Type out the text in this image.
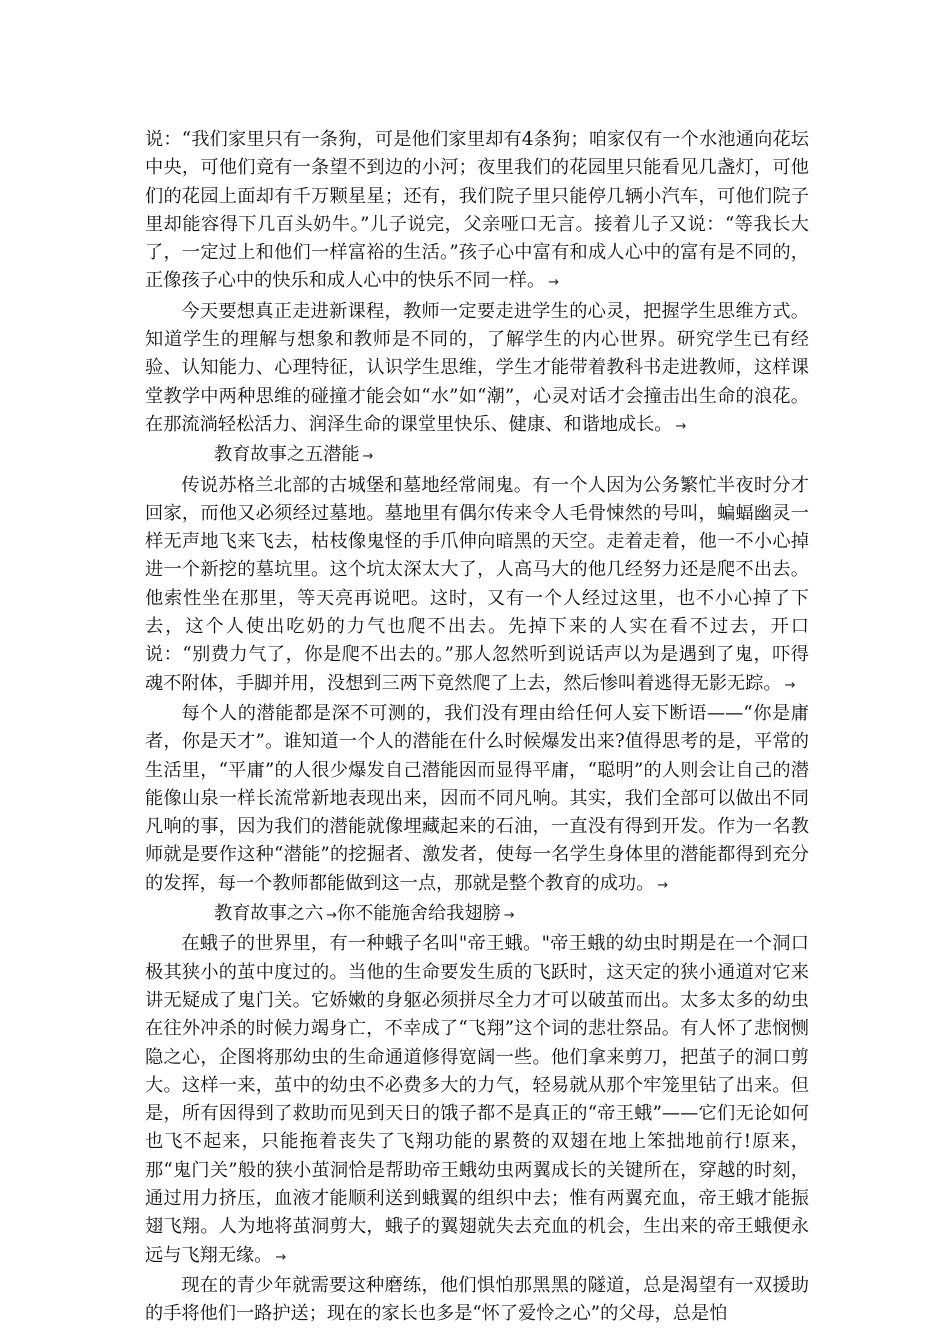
说：“我们家里只有一条狗，可是他们家里却有4条狗；咱家仅有一个水池通向花坛中央，可他们竟有一条望不到边的小河；夜里我们的花园里只能看见几盏灯，可他们的花园上面却有千万颗星星；还有，我们院子里只能停几辆小汽车，可他们院子里却能容得下几百头奶牛。”儿子说完，父亲哑口无言。接着儿子又说：“等我长大了，一定过上和他们一样富裕的生活。”孩子心中富有和成人心中的富有是不同的，正像孩子心中的快乐和成人心中的快乐不同一样。 →

今天要想真正走进新课程，教师一定要走进学生的心灵，把握学生思维方式。知道学生的理解与想象和教师是不同的，了解学生的内心世界。研究学生已有经验、认知能力、心理特征，认识学生思维，学生才能带着教科书走进教师，这样课堂教学中两种思维的碰撞才能会如“水”如“潮”，心灵对话才会撞击出生命的浪花。在那流淌轻松活力、润泽生命的课堂里快乐、健康、和谐地成长。 →

教育故事之五潜能 →

传说苏格兰北部的古城堡和墓地经常闹鬼。有一个人因为公务繁忙半夜时分才回家，而他又必须经过墓地。墓地里有偶尔传来令人毛骨悚然的号叫，蝙蝠幽灵一样无声地飞来飞去，枯枝像鬼怪的手爪伸向暗黑的天空。走着走着，他一不小心掉进一个新挖的墓坑里。这个坑太深太大了，人高马大的他几经努力还是爬不出去。他索性坐在那里，等天亮再说吧。这时，又有一个人经过这里，也不小心掉了下去，这个人使出吃奶的力气也爬不出去。先掉下来的人实在看不过去，开口说：“别费力气了，你是爬不出去的。”那人忽然听到说话声以为是遇到了鬼，吓得魂不附体，手脚并用，没想到三两下竟然爬了上去，然后惨叫着逃得无影无踪。 →

每个人的潜能都是深不可测的，我们没有理由给任何人妄下断语——“你是庸者，你是天才”。谁知道一个人的潜能在什么时候爆发出来?值得思考的是，平常的生活里，“平庸”的人很少爆发自己潜能因而显得平庸，“聪明”的人则会让自己的潜能像山泉一样长流常新地表现出来，因而不同凡响。其实，我们全部可以做出不同凡响的事，因为我们的潜能就像埋藏起来的石油，一直没有得到开发。作为一名教师就是要作这种“潜能”的挖掘者、激发者，使每一名学生身体里的潜能都得到充分的发挥，每一个教师都能做到这一点，那就是整个教育的成功。 →

教育故事之六 →你不能施舍给我翅膀 →

在蛾子的世界里，有一种蛾子名叫"帝王蛾。"帝王蛾的幼虫时期是在一个洞口极其狭小的茧中度过的。当他的生命要发生质的飞跃时，这天定的狭小通道对它来讲无疑成了鬼门关。它娇嫩的身躯必须拼尽全力才可以破茧而出。太多太多的幼虫在往外冲杀的时候力竭身亡，不幸成了“飞翔”这个词的悲壮祭品。有人怀了悲悯恻隐之心，企图将那幼虫的生命通道修得宽阔一些。他们拿来剪刀，把茧子的洞口剪大。这样一来，茧中的幼虫不必费多大的力气，轻易就从那个牢笼里钻了出来。但是，所有因得到了救助而见到天日的饿子都不是真正的“帝王蛾”——它们无论如何也飞不起来，只能拖着丧失了飞翔功能的累赘的双翅在地上笨拙地前行!原来，那“鬼门关”般的狭小茧洞恰是帮助帝王蛾幼虫两翼成长的关键所在，穿越的时刻，通过用力挤压，血液才能顺利送到蛾翼的组织中去；惟有两翼充血，帝王蛾才能振翅飞翔。人为地将茧洞剪大，蛾子的翼翅就失去充血的机会，生出来的帝王蛾便永远与飞翔无缘。 →

现在的青少年就需要这种磨练，他们惧怕那黑黑的隧道，总是渴望有一双援助的手将他们一路护送；现在的家长也多是“怀了爱怜之心”的父母，总是怕
